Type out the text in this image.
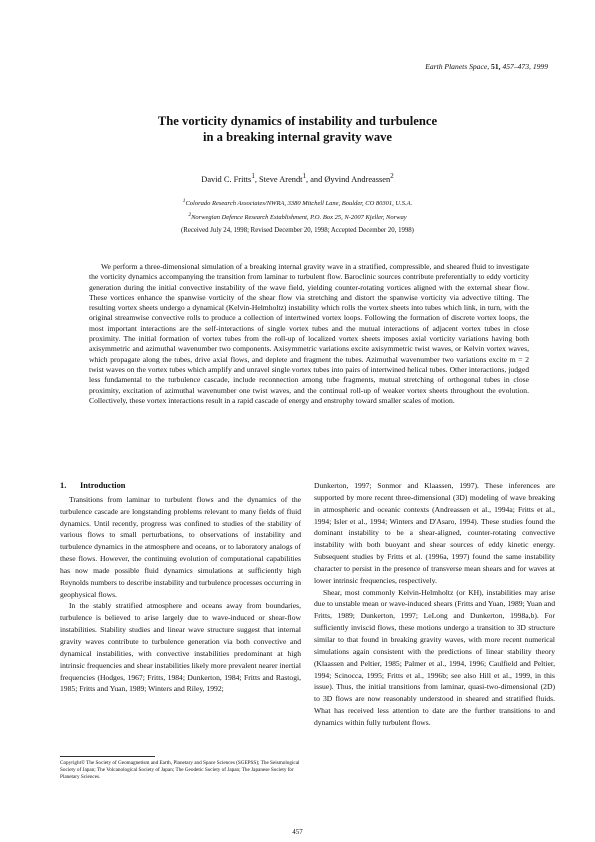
Earth Planets Space, 51, 457–473, 1999
The vorticity dynamics of instability and turbulence
in a breaking internal gravity wave
David C. Fritts$^1$, Steve Arendt$^1$, and Øyvind Andreassen$^2$
$^1$Colorado Research Associates/NWRA, 3380 Mitchell Lane, Boulder, CO 80301, U.S.A.
$^2$Norwegian Defence Research Establishment, P.O. Box 25, N-2007 Kjeller, Norway
(Received July 24, 1998; Revised December 20, 1998; Accepted December 20, 1998)

We perform a three-dimensional simulation of a breaking internal gravity wave in a stratified, compressible, and sheared fluid to investigate the vorticity dynamics accompanying the transition from laminar to turbulent flow. Baroclinic sources contribute preferentially to eddy vorticity generation during the initial convective instability of the wave field, yielding counter-rotating vortices aligned with the external shear flow. These vortices enhance the spanwise vorticity of the shear flow via stretching and distort the spanwise vorticity via advective tilting. The resulting vortex sheets undergo a dynamical (Kelvin-Helmholtz) instability which rolls the vortex sheets into tubes which link, in turn, with the original streamwise convective rolls to produce a collection of intertwined vortex loops. Following the formation of discrete vortex loops, the most important interactions are the self-interactions of single vortex tubes and the mutual interactions of adjacent vortex tubes in close proximity. The initial formation of vortex tubes from the roll-up of localized vortex sheets imposes axial vorticity variations having both axisymmetric and azimuthal wavenumber two components. Axisymmetric variations excite axisymmetric twist waves, or Kelvin vortex waves, which propagate along the tubes, drive axial flows, and deplete and fragment the tubes. Azimuthal wavenumber two variations excite m = 2 twist waves on the vortex tubes which amplify and unravel single vortex tubes into pairs of intertwined helical tubes. Other interactions, judged less fundamental to the turbulence cascade, include reconnection among tube fragments, mutual stretching of orthogonal tubes in close proximity, excitation of azimuthal wavenumber one twist waves, and the continual roll-up of weaker vortex sheets throughout the evolution. Collectively, these vortex interactions result in a rapid cascade of energy and enstrophy toward smaller scales of motion.

1. Introduction

Transitions from laminar to turbulent flows and the dynamics of the turbulence cascade are longstanding problems relevant to many fields of fluid dynamics. Until recently, progress was confined to studies of the stability of various flows to small perturbations, to observations of instability and turbulence dynamics in the atmosphere and oceans, or to laboratory analogs of these flows. However, the continuing evolution of computational capabilities has now made possible fluid dynamics simulations at sufficiently high Reynolds numbers to describe instability and turbulence processes occurring in geophysical flows.

In the stably stratified atmosphere and oceans away from boundaries, turbulence is believed to arise largely due to wave-induced or shear-flow instabilities. Stability studies and linear wave structure suggest that internal gravity waves contribute to turbulence generation via both convective and dynamical instabilities, with convective instabilities predominant at high intrinsic frequencies and shear instabilities likely more prevalent nearer inertial frequencies (Hodges, 1967; Fritts, 1984; Dunkerton, 1984; Fritts and Rastogi, 1985; Fritts and Yuan, 1989; Winters and Riley, 1992;

Dunkerton, 1997; Sonmor and Klaassen, 1997). These inferences are supported by more recent three-dimensional (3D) modeling of wave breaking in atmospheric and oceanic contexts (Andreassen et al., 1994a; Fritts et al., 1994; Isler et al., 1994; Winters and D'Asaro, 1994). These studies found the dominant instability to be a shear-aligned, counter-rotating convective instability with both buoyant and shear sources of eddy kinetic energy. Subsequent studies by Fritts et al. (1996a, 1997) found the same instability character to persist in the presence of transverse mean shears and for waves at lower intrinsic frequencies, respectively.

Shear, most commonly Kelvin-Helmholtz (or KH), instabilities may arise due to unstable mean or wave-induced shears (Fritts and Yuan, 1989; Yuan and Fritts, 1989; Dunkerton, 1997; LeLong and Dunkerton, 1998a,b). For sufficiently inviscid flows, these motions undergo a transition to 3D structure similar to that found in breaking gravity waves, with more recent numerical simulations again consistent with the predictions of linear stability theory (Klaassen and Peltier, 1985; Palmer et al., 1994, 1996; Caulfield and Peltier, 1994; Scinocca, 1995; Fritts et al., 1996b; see also Hill et al., 1999, in this issue). Thus, the initial transitions from laminar, quasi-two-dimensional (2D) to 3D flows are now reasonably understood in sheared and stratified fluids. What has received less attention to date are the further transitions to and dynamics within fully turbulent flows.

Copyright© The Society of Geomagnetism and Earth, Planetary and Space Sciences (SGEPSS); The Seismological Society of Japan; The Volcanological Society of Japan; The Geodetic Society of Japan; The Japanese Society for Planetary Sciences.
457
